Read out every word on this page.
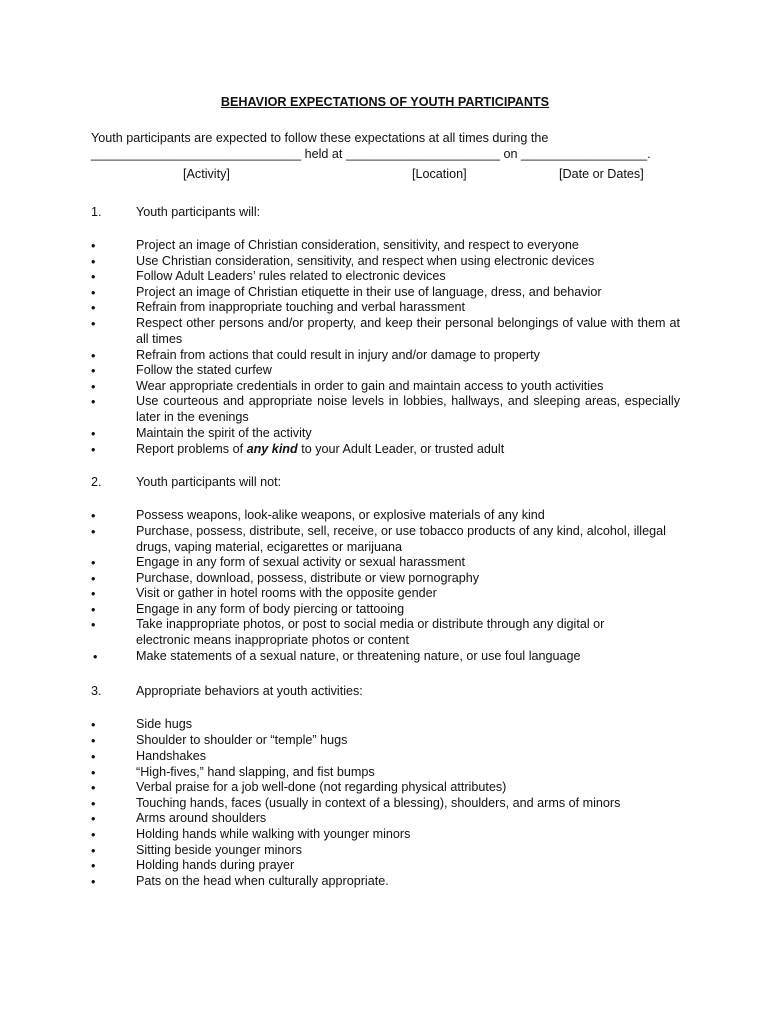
BEHAVIOR EXPECTATIONS OF YOUTH PARTICIPANTS
Youth participants are expected to follow these expectations at all times during the
______________________________ held at ______________________ on __________________.
[Activity]	[Location]	[Date or Dates]
1.	Youth participants will:
•	Project an image of Christian consideration, sensitivity, and respect to everyone
•	Use Christian consideration, sensitivity, and respect when using electronic devices
•	Follow Adult Leaders’ rules related to electronic devices
•	Project an image of Christian etiquette in their use of language, dress, and behavior
•	Refrain from inappropriate touching and verbal harassment
•	Respect other persons and/or property, and keep their personal belongings of value with them at all times
•	Refrain from actions that could result in injury and/or damage to property
•	Follow the stated curfew
•	Wear appropriate credentials in order to gain and maintain access to youth activities
•	Use courteous and appropriate noise levels in lobbies, hallways, and sleeping areas, especially later in the evenings
•	Maintain the spirit of the activity
•	Report problems of any kind to your Adult Leader, or trusted adult
2.	Youth participants will not:
•	Possess weapons, look-alike weapons, or explosive materials of any kind
•	Purchase, possess, distribute, sell, receive, or use tobacco products of any kind, alcohol, illegal drugs, vaping material, ecigarettes or marijuana
•	Engage in any form of sexual activity or sexual harassment
•	Purchase, download, possess, distribute or view pornography
•	Visit or gather in hotel rooms with the opposite gender
•	Engage in any form of body piercing or tattooing
•	Take inappropriate photos, or post to social media or distribute through any digital or electronic means inappropriate photos or content
•	Make statements of a sexual nature, or threatening nature, or use foul language
3.	Appropriate behaviors at youth activities:
•	Side hugs
•	Shoulder to shoulder or “temple” hugs
•	Handshakes
•	“High-fives,” hand slapping, and fist bumps
•	Verbal praise for a job well-done (not regarding physical attributes)
•	Touching hands, faces (usually in context of a blessing), shoulders, and arms of minors
•	Arms around shoulders
•	Holding hands while walking with younger minors
•	Sitting beside younger minors
•	Holding hands during prayer
•	Pats on the head when culturally appropriate.
